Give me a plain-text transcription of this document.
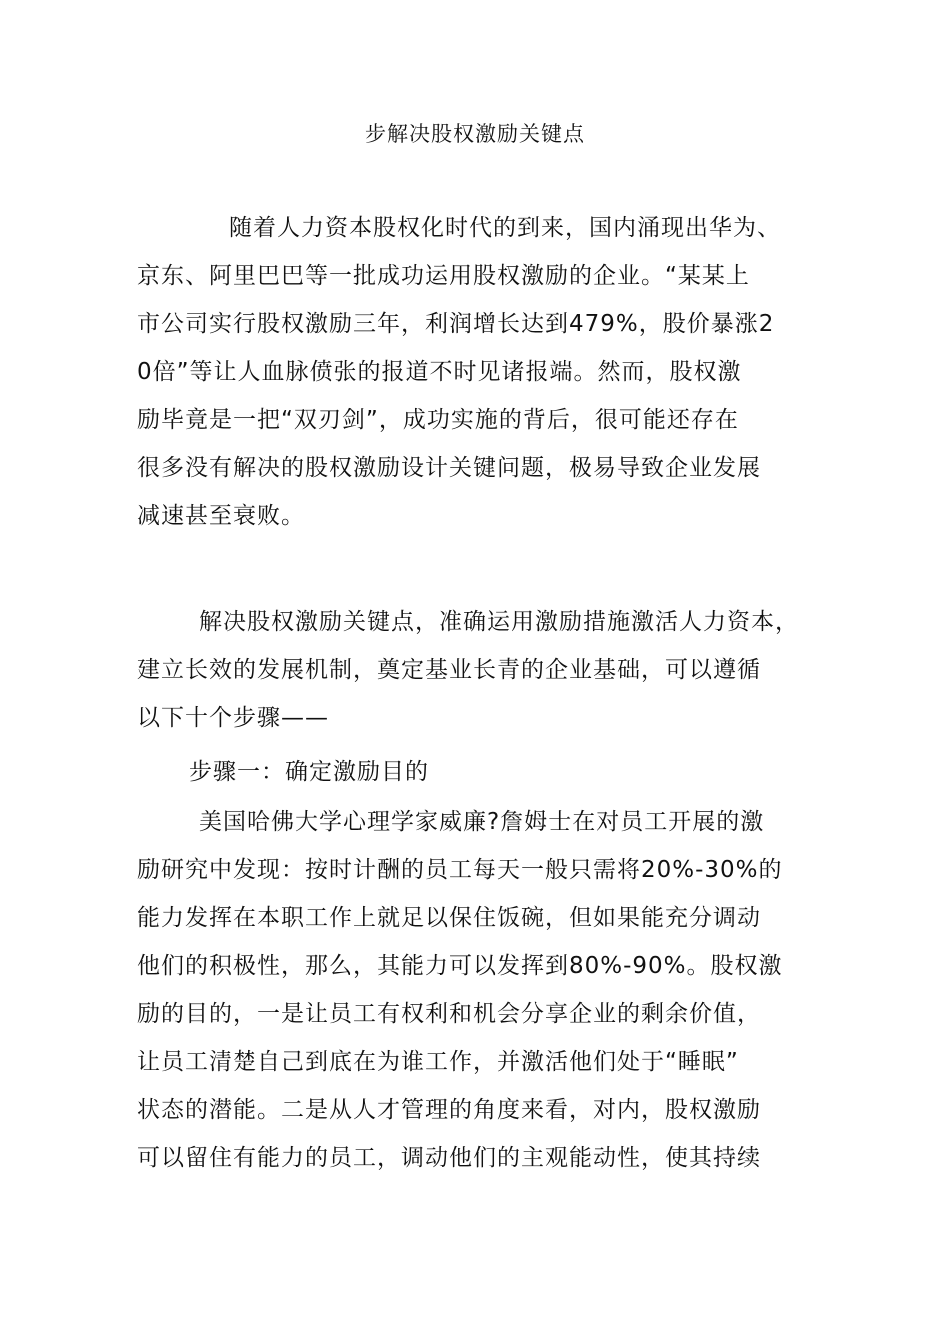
步解决股权激励关键点
随着人力资本股权化时代的到来，国内涌现出华为、
京东、阿里巴巴等一批成功运用股权激励的企业。“某某上
市公司实行股权激励三年，利润增长达到479%，股价暴涨2
0倍”等让人血脉偾张的报道不时见诸报端。然而，股权激
励毕竟是一把“双刃剑”，成功实施的背后，很可能还存在
很多没有解决的股权激励设计关键问题，极易导致企业发展
减速甚至衰败。
解决股权激励关键点，准确运用激励措施激活人力资本，
建立长效的发展机制，奠定基业长青的企业基础，可以遵循
以下十个步骤——
步骤一：确定激励目的
美国哈佛大学心理学家威廉?詹姆士在对员工开展的激
励研究中发现：按时计酬的员工每天一般只需将20%-30%的
能力发挥在本职工作上就足以保住饭碗，但如果能充分调动
他们的积极性，那么，其能力可以发挥到80%-90%。股权激
励的目的，一是让员工有权利和机会分享企业的剩余价值，
让员工清楚自己到底在为谁工作，并激活他们处于“睡眠”
状态的潜能。二是从人才管理的角度来看，对内，股权激励
可以留住有能力的员工，调动他们的主观能动性，使其持续
